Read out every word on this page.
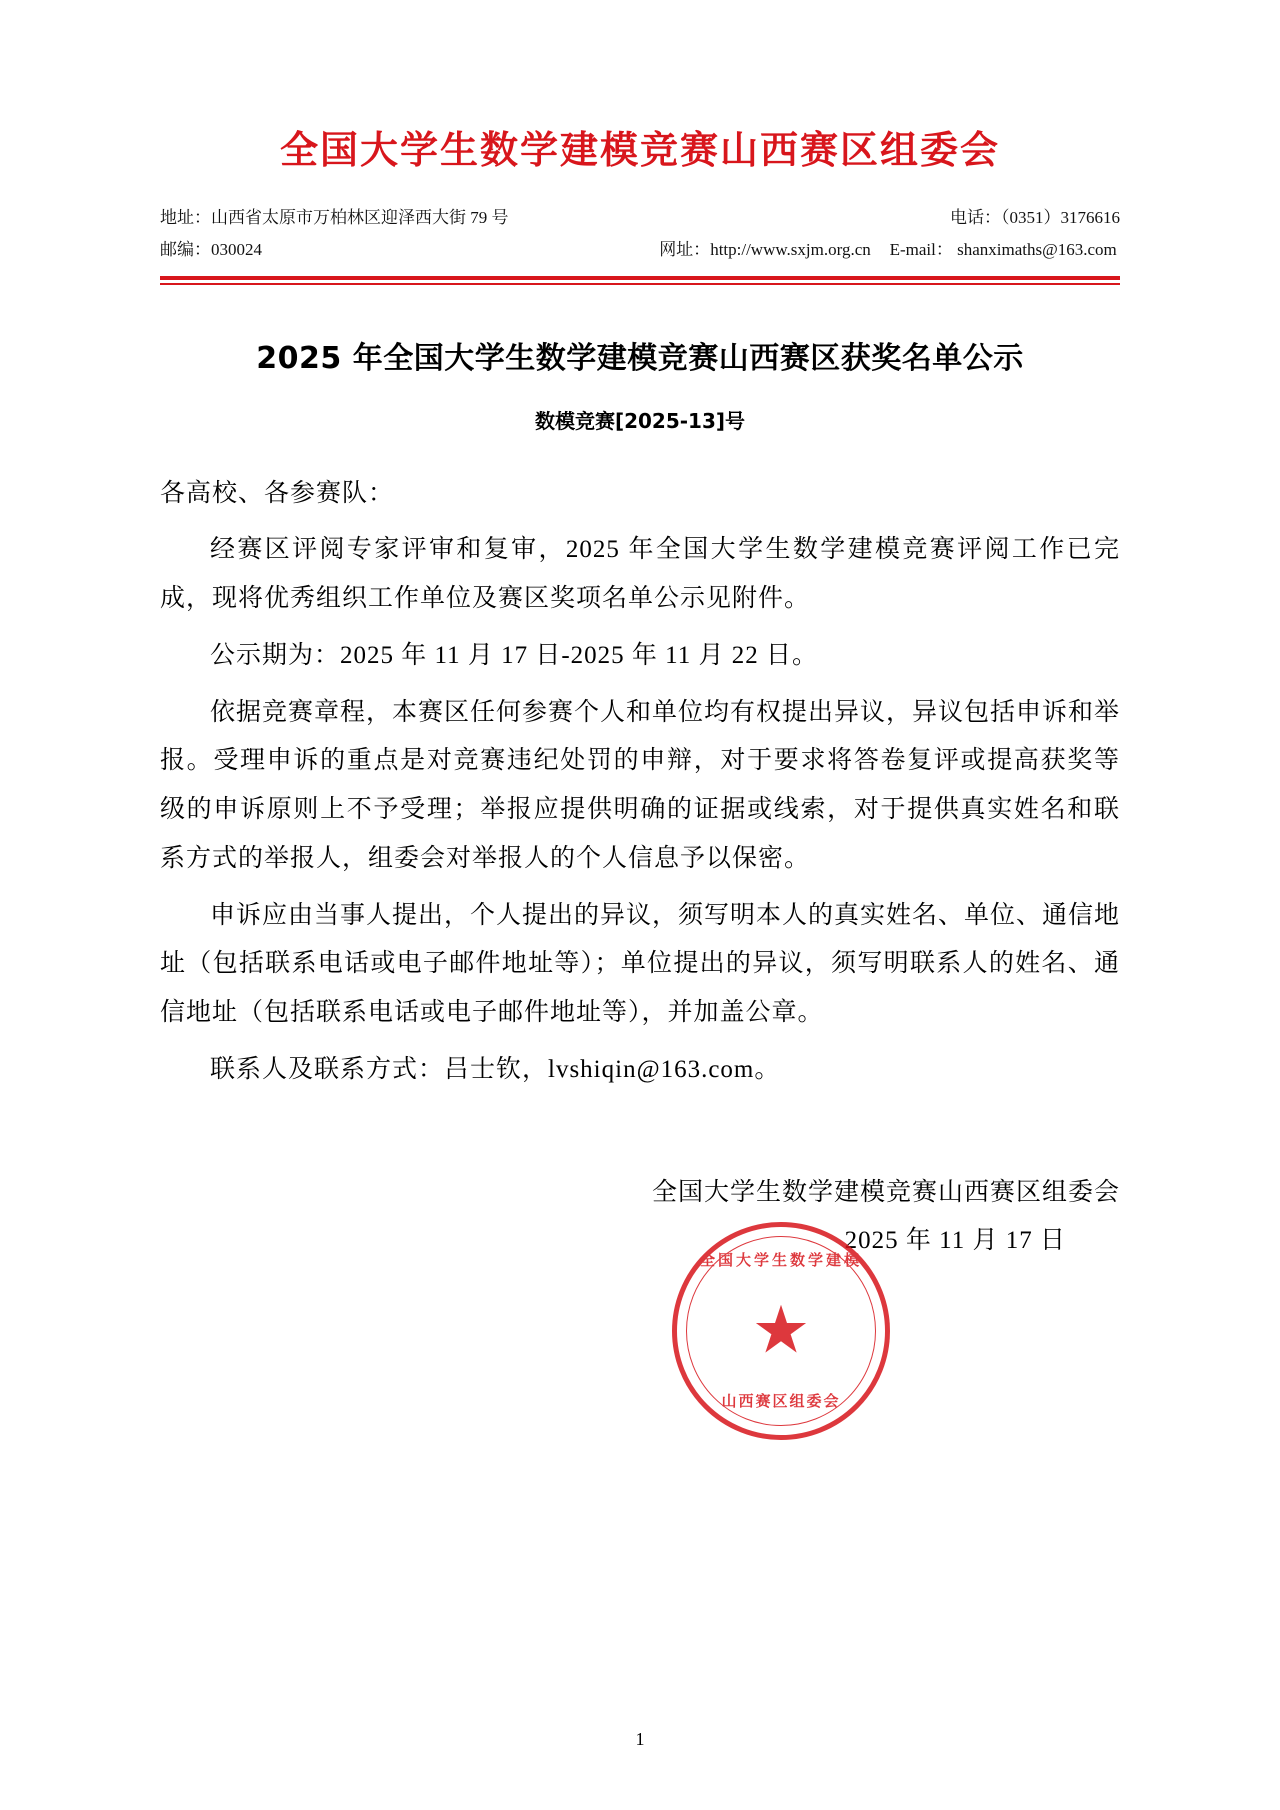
全国大学生数学建模竞赛山西赛区组委会
地址：山西省太原市万柏林区迎泽西大街 79 号	电话：（0351）3176616
邮编：030024	网址：http://www.sxjm.org.cn	E-mail： shanximaths@163.com
2025 年全国大学生数学建模竞赛山西赛区获奖名单公示
数模竞赛[2025-13]号
各高校、各参赛队：
经赛区评阅专家评审和复审，2025 年全国大学生数学建模竞赛评阅工作已完成，现将优秀组织工作单位及赛区奖项名单公示见附件。
公示期为：2025 年 11 月 17 日-2025 年 11 月 22 日。
依据竞赛章程，本赛区任何参赛个人和单位均有权提出异议，异议包括申诉和举报。受理申诉的重点是对竞赛违纪处罚的申辩，对于要求将答卷复评或提高获奖等级的申诉原则上不予受理；举报应提供明确的证据或线索，对于提供真实姓名和联系方式的举报人，组委会对举报人的个人信息予以保密。
申诉应由当事人提出，个人提出的异议，须写明本人的真实姓名、单位、通信地址（包括联系电话或电子邮件地址等）；单位提出的异议，须写明联系人的姓名、通信地址（包括联系电话或电子邮件地址等），并加盖公章。
联系人及联系方式：吕士钦，lvshiqin@163.com。
全国大学生数学建模竞赛山西赛区组委会
2025 年 11 月 17 日
全国大学生数学建模
★
山西赛区组委会
1
